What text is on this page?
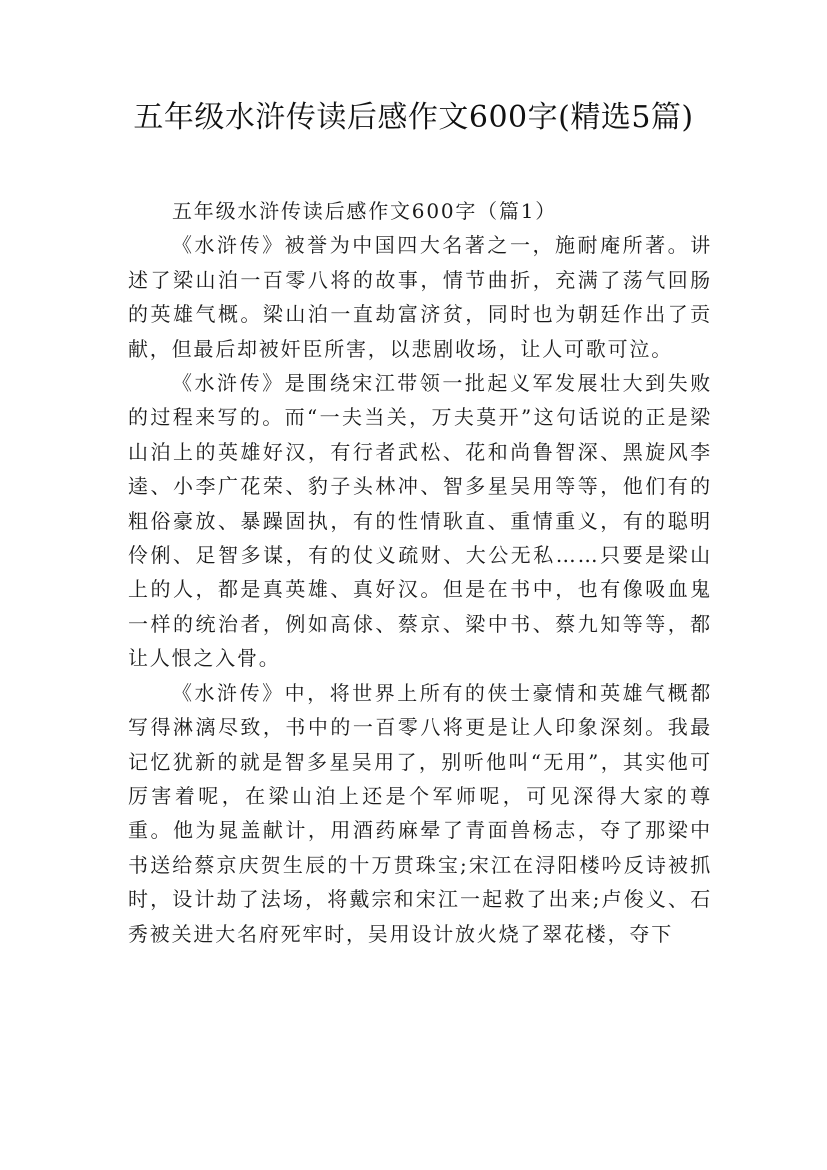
五年级水浒传读后感作文600字(精选5篇)

五年级水浒传读后感作文600字（篇1）

《水浒传》被誉为中国四大名著之一，施耐庵所著。讲述了梁山泊一百零八将的故事，情节曲折，充满了荡气回肠的英雄气概。梁山泊一直劫富济贫，同时也为朝廷作出了贡献，但最后却被奸臣所害，以悲剧收场，让人可歌可泣。

《水浒传》是围绕宋江带领一批起义军发展壮大到失败的过程来写的。而“一夫当关，万夫莫开”这句话说的正是梁山泊上的英雄好汉，有行者武松、花和尚鲁智深、黑旋风李逵、小李广花荣、豹子头林冲、智多星吴用等等，他们有的粗俗豪放、暴躁固执，有的性情耿直、重情重义，有的聪明伶俐、足智多谋，有的仗义疏财、大公无私……只要是梁山上的人，都是真英雄、真好汉。但是在书中，也有像吸血鬼一样的统治者，例如高俅、蔡京、梁中书、蔡九知等等，都让人恨之入骨。

《水浒传》中，将世界上所有的侠士豪情和英雄气概都写得淋漓尽致，书中的一百零八将更是让人印象深刻。我最记忆犹新的就是智多星吴用了，别听他叫“无用”，其实他可厉害着呢，在梁山泊上还是个军师呢，可见深得大家的尊重。他为晁盖献计，用酒药麻晕了青面兽杨志，夺了那梁中书送给蔡京庆贺生辰的十万贯珠宝;宋江在浔阳楼吟反诗被抓时，设计劫了法场，将戴宗和宋江一起救了出来;卢俊义、石秀被关进大名府死牢时，吴用设计放火烧了翠花楼，夺下
